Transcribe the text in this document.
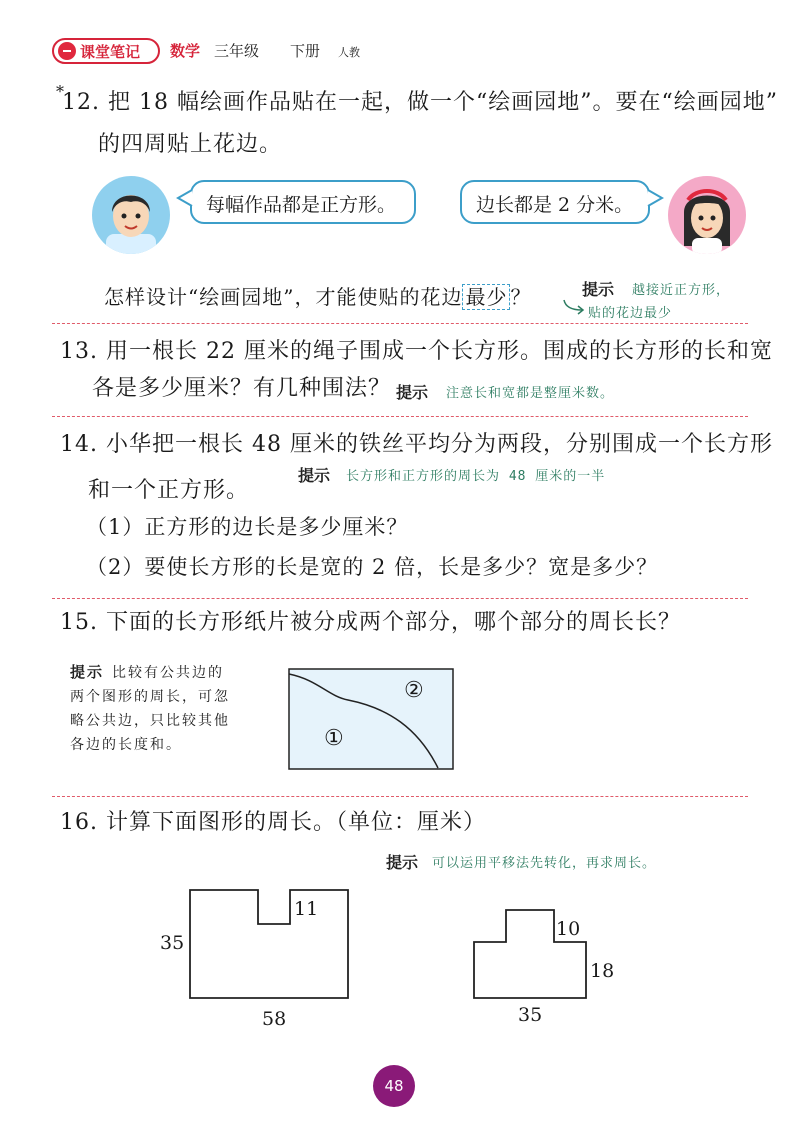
课堂笔记 数学 三年级 下册 人教
*
12. 把 18 幅绘画作品贴在一起，做一个“绘画园地”。要在“绘画园地”
的四周贴上花边。
每幅作品都是正方形。	边长都是 2 分米。
怎样设计“绘画园地”，才能使贴的花边 最少 ？	提示 越接近正方形，
贴的花边最少
13. 用一根长 22 厘米的绳子围成一个长方形。围成的长方形的长和宽
各是多少厘米？有几种围法？ 提示 注意长和宽都是整厘米数。
14. 小华把一根长 48 厘米的铁丝平均分为两段，分别围成一个长方形
提示 长方形和正方形的周长为 48 厘米的一半
和一个正方形。
（1）正方形的边长是多少厘米？
（2）要使长方形的长是宽的 2 倍，长是多少？宽是多少？
15. 下面的长方形纸片被分成两个部分，哪个部分的周长长？
提示 比较有公共边的
两个图形的周长，可忽
略公共边，只比较其他
各边的长度和。
②
①
16. 计算下面图形的周长。（单位：厘米）
提示 可以运用平移法先转化，再求周长。
35
11
58
10
18
35
48
